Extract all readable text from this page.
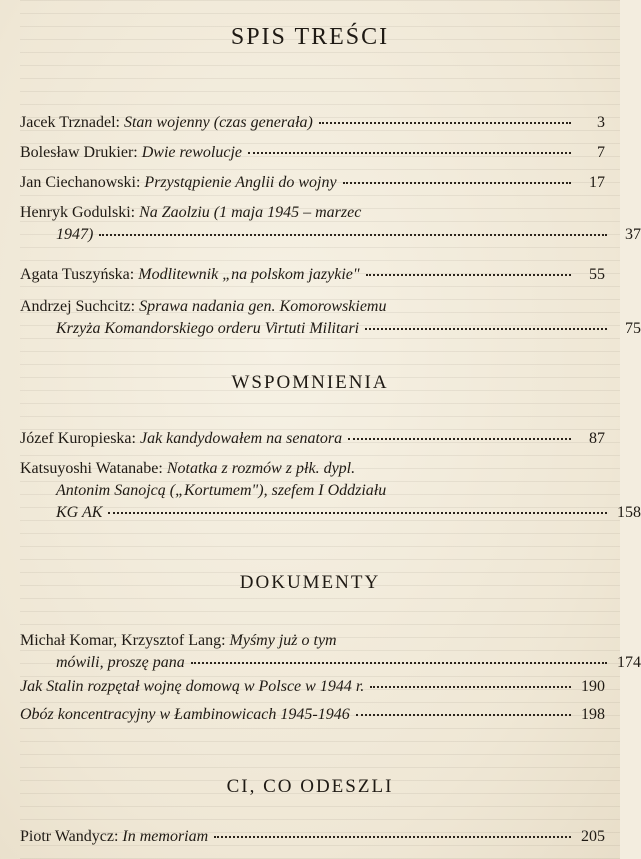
SPIS TREŚCI
Jacek Trznadel: Stan wojenny (czas generała)	3
Bolesław Drukier: Dwie rewolucje	7
Jan Ciechanowski: Przystąpienie Anglii do wojny	17
Henryk Godulski: Na Zaolziu (1 maja 1945 – marzec
1947)	37
Agata Tuszyńska: Modlitewnik „na polskom jazykie"	55
Andrzej Suchcitz: Sprawa nadania gen. Komorowskiemu
Krzyża Komandorskiego orderu Virtuti Militari	75
WSPOMNIENIA
Józef Kuropieska: Jak kandydowałem na senatora	87
Katsuyoshi Watanabe: Notatka z rozmów z płk. dypl.
Antonim Sanojcą („Kortumem"), szefem I Oddziału
KG AK	158
DOKUMENTY
Michał Komar, Krzysztof Lang: Myśmy już o tym
mówili, proszę pana	174
Jak Stalin rozpętał wojnę domową w Polsce w 1944 r.	190
Obóz koncentracyjny w Łambinowicach 1945-1946	198
CI, CO ODESZLI
Piotr Wandycz: In memoriam	205
